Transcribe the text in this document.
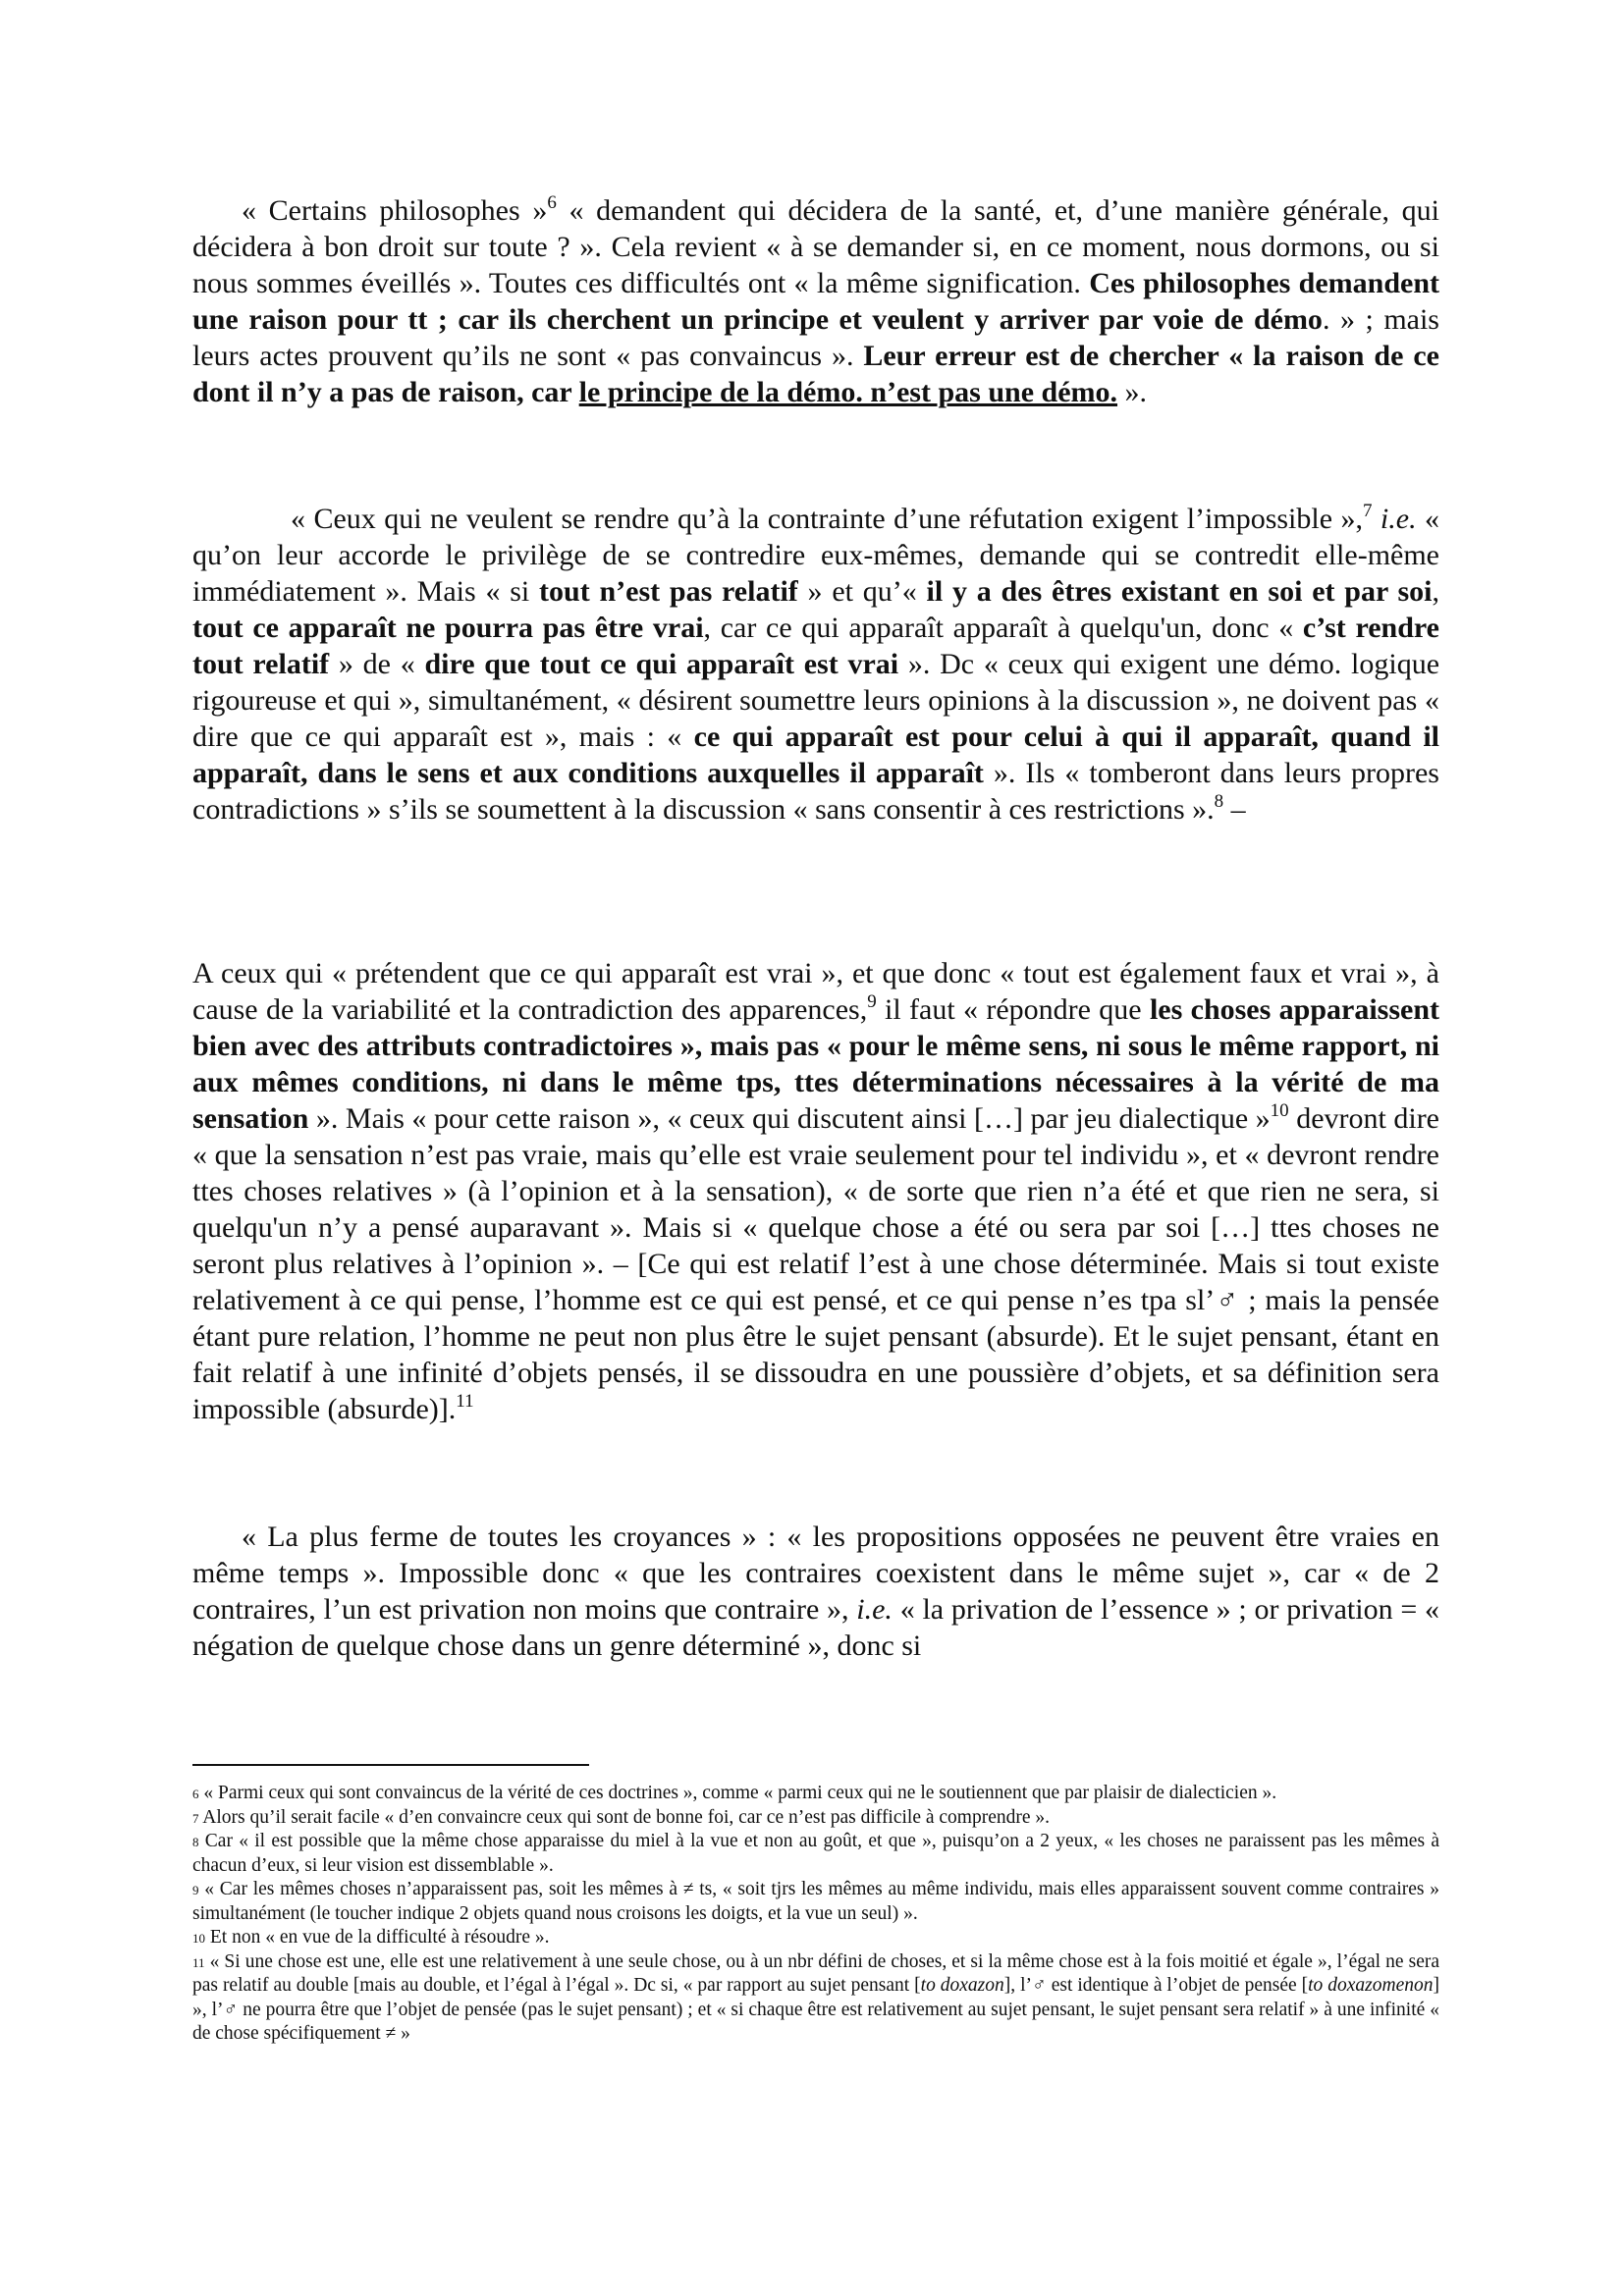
« Certains philosophes »$^6$ « demandent qui décidera de la santé, et, d’une manière générale, qui décidera à bon droit sur toute ? ». Cela revient « à se demander si, en ce moment, nous dormons, ou si nous sommes éveillés ». Toutes ces difficultés ont « la même signification. Ces philosophes demandent une raison pour tt ; car ils cherchent un principe et veulent y arriver par voie de démo. » ; mais leurs actes prouvent qu’ils ne sont « pas convaincus ». Leur erreur est de chercher « la raison de ce dont il n’y a pas de raison, car le principe de la démo. n’est pas une démo. ».

« Ceux qui ne veulent se rendre qu’à la contrainte d’une réfutation exigent l’impossible »,$^7$ i.e. « qu’on leur accorde le privilège de se contredire eux-mêmes, demande qui se contredit elle-même immédiatement ». Mais « si tout n’est pas relatif » et qu’« il y a des êtres existant en soi et par soi, tout ce apparaît ne pourra pas être vrai, car ce qui apparaît apparaît à quelqu'un, donc « c’st rendre tout relatif » de « dire que tout ce qui apparaît est vrai ». Dc « ceux qui exigent une démo. logique rigoureuse et qui », simultanément, « désirent soumettre leurs opinions à la discussion », ne doivent pas « dire que ce qui apparaît est », mais : « ce qui apparaît est pour celui à qui il apparaît, quand il apparaît, dans le sens et aux conditions auxquelles il apparaît ». Ils « tomberont dans leurs propres contradictions » s’ils se soumettent à la discussion « sans consentir à ces restrictions ».$^8$ –

A ceux qui « prétendent que ce qui apparaît est vrai », et que donc « tout est également faux et vrai », à cause de la variabilité et la contradiction des apparences,$^9$ il faut « répondre que les choses apparaissent bien avec des attributs contradictoires », mais pas « pour le même sens, ni sous le même rapport, ni aux mêmes conditions, ni dans le même tps, ttes déterminations nécessaires à la vérité de ma sensation ». Mais « pour cette raison », « ceux qui discutent ainsi […] par jeu dialectique »$^{10}$ devront dire « que la sensation n’est pas vraie, mais qu’elle est vraie seulement pour tel individu », et « devront rendre ttes choses relatives » (à l’opinion et à la sensation), « de sorte que rien n’a été et que rien ne sera, si quelqu'un n’y a pensé auparavant ». Mais si « quelque chose a été ou sera par soi […] ttes choses ne seront plus relatives à l’opinion ». – [Ce qui est relatif l’est à une chose déterminée. Mais si tout existe relativement à ce qui pense, l’homme est ce qui est pensé, et ce qui pense n’es tpa sl’♂ ; mais la pensée étant pure relation, l’homme ne peut non plus être le sujet pensant (absurde). Et le sujet pensant, étant en fait relatif à une infinité d’objets pensés, il se dissoudra en une poussière d’objets, et sa définition sera impossible (absurde)].$^{11}$

« La plus ferme de toutes les croyances » : « les propositions opposées ne peuvent être vraies en même temps ». Impossible donc « que les contraires coexistent dans le même sujet », car « de 2 contraires, l’un est privation non moins que contraire », i.e. « la privation de l’essence » ; or privation = « négation de quelque chose dans un genre déterminé », donc si

6 « Parmi ceux qui sont convaincus de la vérité de ces doctrines », comme « parmi ceux qui ne le soutiennent que par plaisir de dialecticien ».

7 Alors qu’il serait facile « d’en convaincre ceux qui sont de bonne foi, car ce n’est pas difficile à comprendre ».

8 Car « il est possible que la même chose apparaisse du miel à la vue et non au goût, et que », puisqu’on a 2 yeux, « les choses ne paraissent pas les mêmes à chacun d’eux, si leur vision est dissemblable ».

9 « Car les mêmes choses n’apparaissent pas, soit les mêmes à ≠ ts, « soit tjrs les mêmes au même individu, mais elles apparaissent souvent comme contraires » simultanément (le toucher indique 2 objets quand nous croisons les doigts, et la vue un seul) ».

10 Et non « en vue de la difficulté à résoudre ».

11 « Si une chose est une, elle est une relativement à une seule chose, ou à un nbr défini de choses, et si la même chose est à la fois moitié et égale », l’égal ne sera pas relatif au double [mais au double, et l’égal à l’égal ». Dc si, « par rapport au sujet pensant [to doxazon], l’♂ est identique à l’objet de pensée [to doxazomenon] », l’♂ ne pourra être que l’objet de pensée (pas le sujet pensant) ; et « si chaque être est relativement au sujet pensant, le sujet pensant sera relatif » à une infinité « de chose spécifiquement ≠ »
